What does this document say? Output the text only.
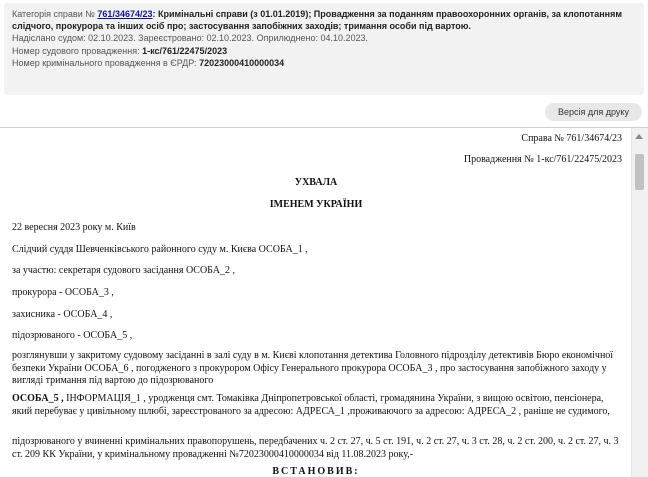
Категорія справи № 761/34674/23: Кримінальні справи (з 01.01.2019); Провадження за поданням правоохоронних органів, за клопотанням слідчого, прокурора та інших осіб про; застосування запобіжних заходів; тримання особи під вартою.
Надіслано судом: 02.10.2023. Зареєстровано: 02.10.2023. Оприлюднено: 04.10.2023.
Номер судового провадження: 1-кс/761/22475/2023
Номер кримінального провадження в ЄРДР: 72023000410000034
Версія для друку
Справа № 761/34674/23
Провадження № 1-кс/761/22475/2023
УХВАЛА
ІМЕНЕМ УКРАЇНИ
22 вересня 2023 року м. Київ
Слідчий суддя Шевченківського районного суду м. Києва ОСОБА_1 ,
за участю: секретаря судового засідання ОСОБА_2 ,
прокурора - ОСОБА_3 ,
захисника - ОСОБА_4 ,
підозрюваного - ОСОБА_5 ,
розглянувши у закритому судовому засіданні в залі суду в м. Києві клопотання детектива Головного підрозділу детективів Бюро економічної безпеки України ОСОБА_6 , погодженого з прокурором Офісу Генерального прокурора ОСОБА_3 , про застосування запобіжного заходу у вигляді тримання під вартою до підозрюваного
ОСОБА_5 , ІНФОРМАЦІЯ_1 , уродженця смт. Томаківка Дніпропетровської області, громадянина України, з вищою освітою, пенсіонера, який перебуває у цивільному шлюбі, зареєстрованого за адресою: АДРЕСА_1 ,проживаючого за адресою: АДРЕСА_2 , раніше не судимого,
підозрюваного у вчиненні кримінальних правопорушень, передбачених ч. 2 ст. 27, ч. 5 ст. 191, ч. 2 ст. 27, ч. 3 ст. 28, ч. 2 ст. 200, ч. 2 ст. 27, ч. 3 ст. 209 КК України, у кримінальному провадженні №72023000410000034 від 11.08.2023 року,-
ВСТАНОВИВ:
